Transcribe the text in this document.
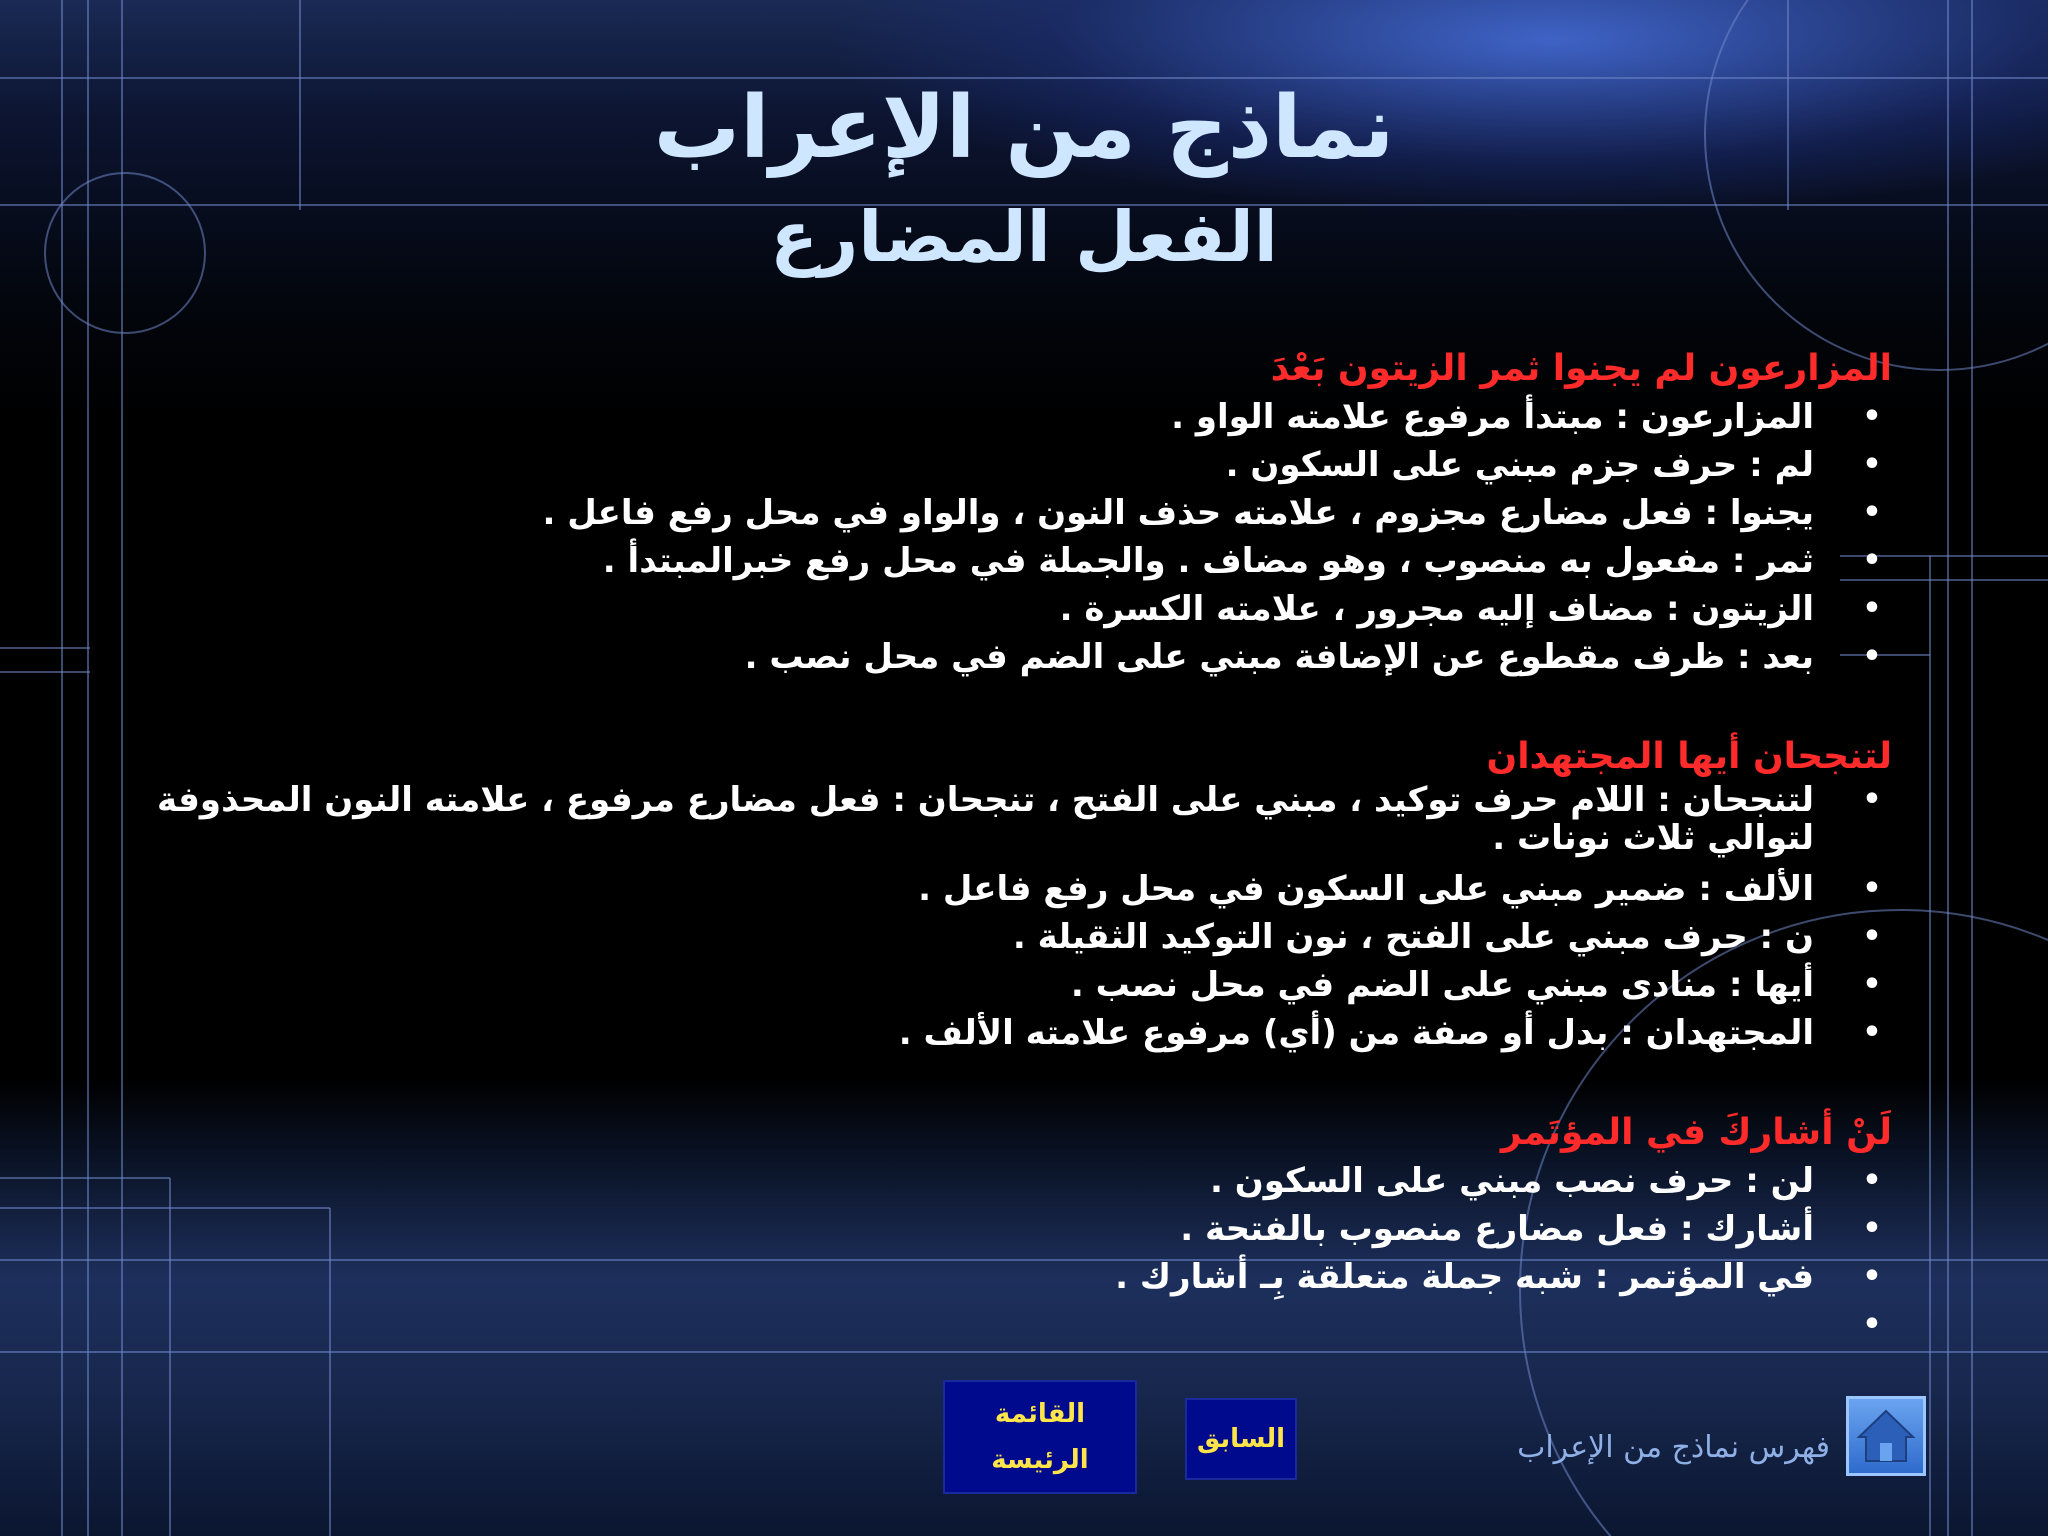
نماذج من الإعراب
الفعل المضارع

المزارعون لم يجنوا ثمر الزيتون بَعْدَ

•
المزارعون : مبتدأ مرفوع علامته الواو .
•
لم : حرف جزم مبني على السكون .
•
يجنوا : فعل مضارع مجزوم ، علامته حذف النون ، والواو في محل رفع فاعل .
•
ثمر : مفعول به منصوب ، وهو مضاف . والجملة في محل رفع خبرالمبتدأ .
•
الزيتون : مضاف إليه مجرور ، علامته الكسرة .
•
بعد : ظرف مقطوع عن الإضافة مبني على الضم في محل نصب .

لتنجحان أيها المجتهدان

•
لتنجحان : اللام حرف توكيد ، مبني على الفتح ، تنجحان : فعل مضارع مرفوع ، علامته النون المحذوفة لتوالي ثلاث نونات .
•
الألف : ضمير مبني على السكون في محل رفع فاعل .
•
ن : حرف مبني على الفتح ، نون التوكيد الثقيلة .
•
أيها : منادى مبني على الضم في محل نصب .
•
المجتهدان : بدل أو صفة من (أي) مرفوع علامته الألف .

لَنْ أشاركَ في المؤتَمر

•
لن : حرف نصب مبني على السكون .
•
أشارك : فعل مضارع منصوب بالفتحة .
•
في المؤتمر : شبه جملة متعلقة بِـ أشارك .
•
القائمة
الرئيسة
السابق	فهرس نماذج من الإعراب
